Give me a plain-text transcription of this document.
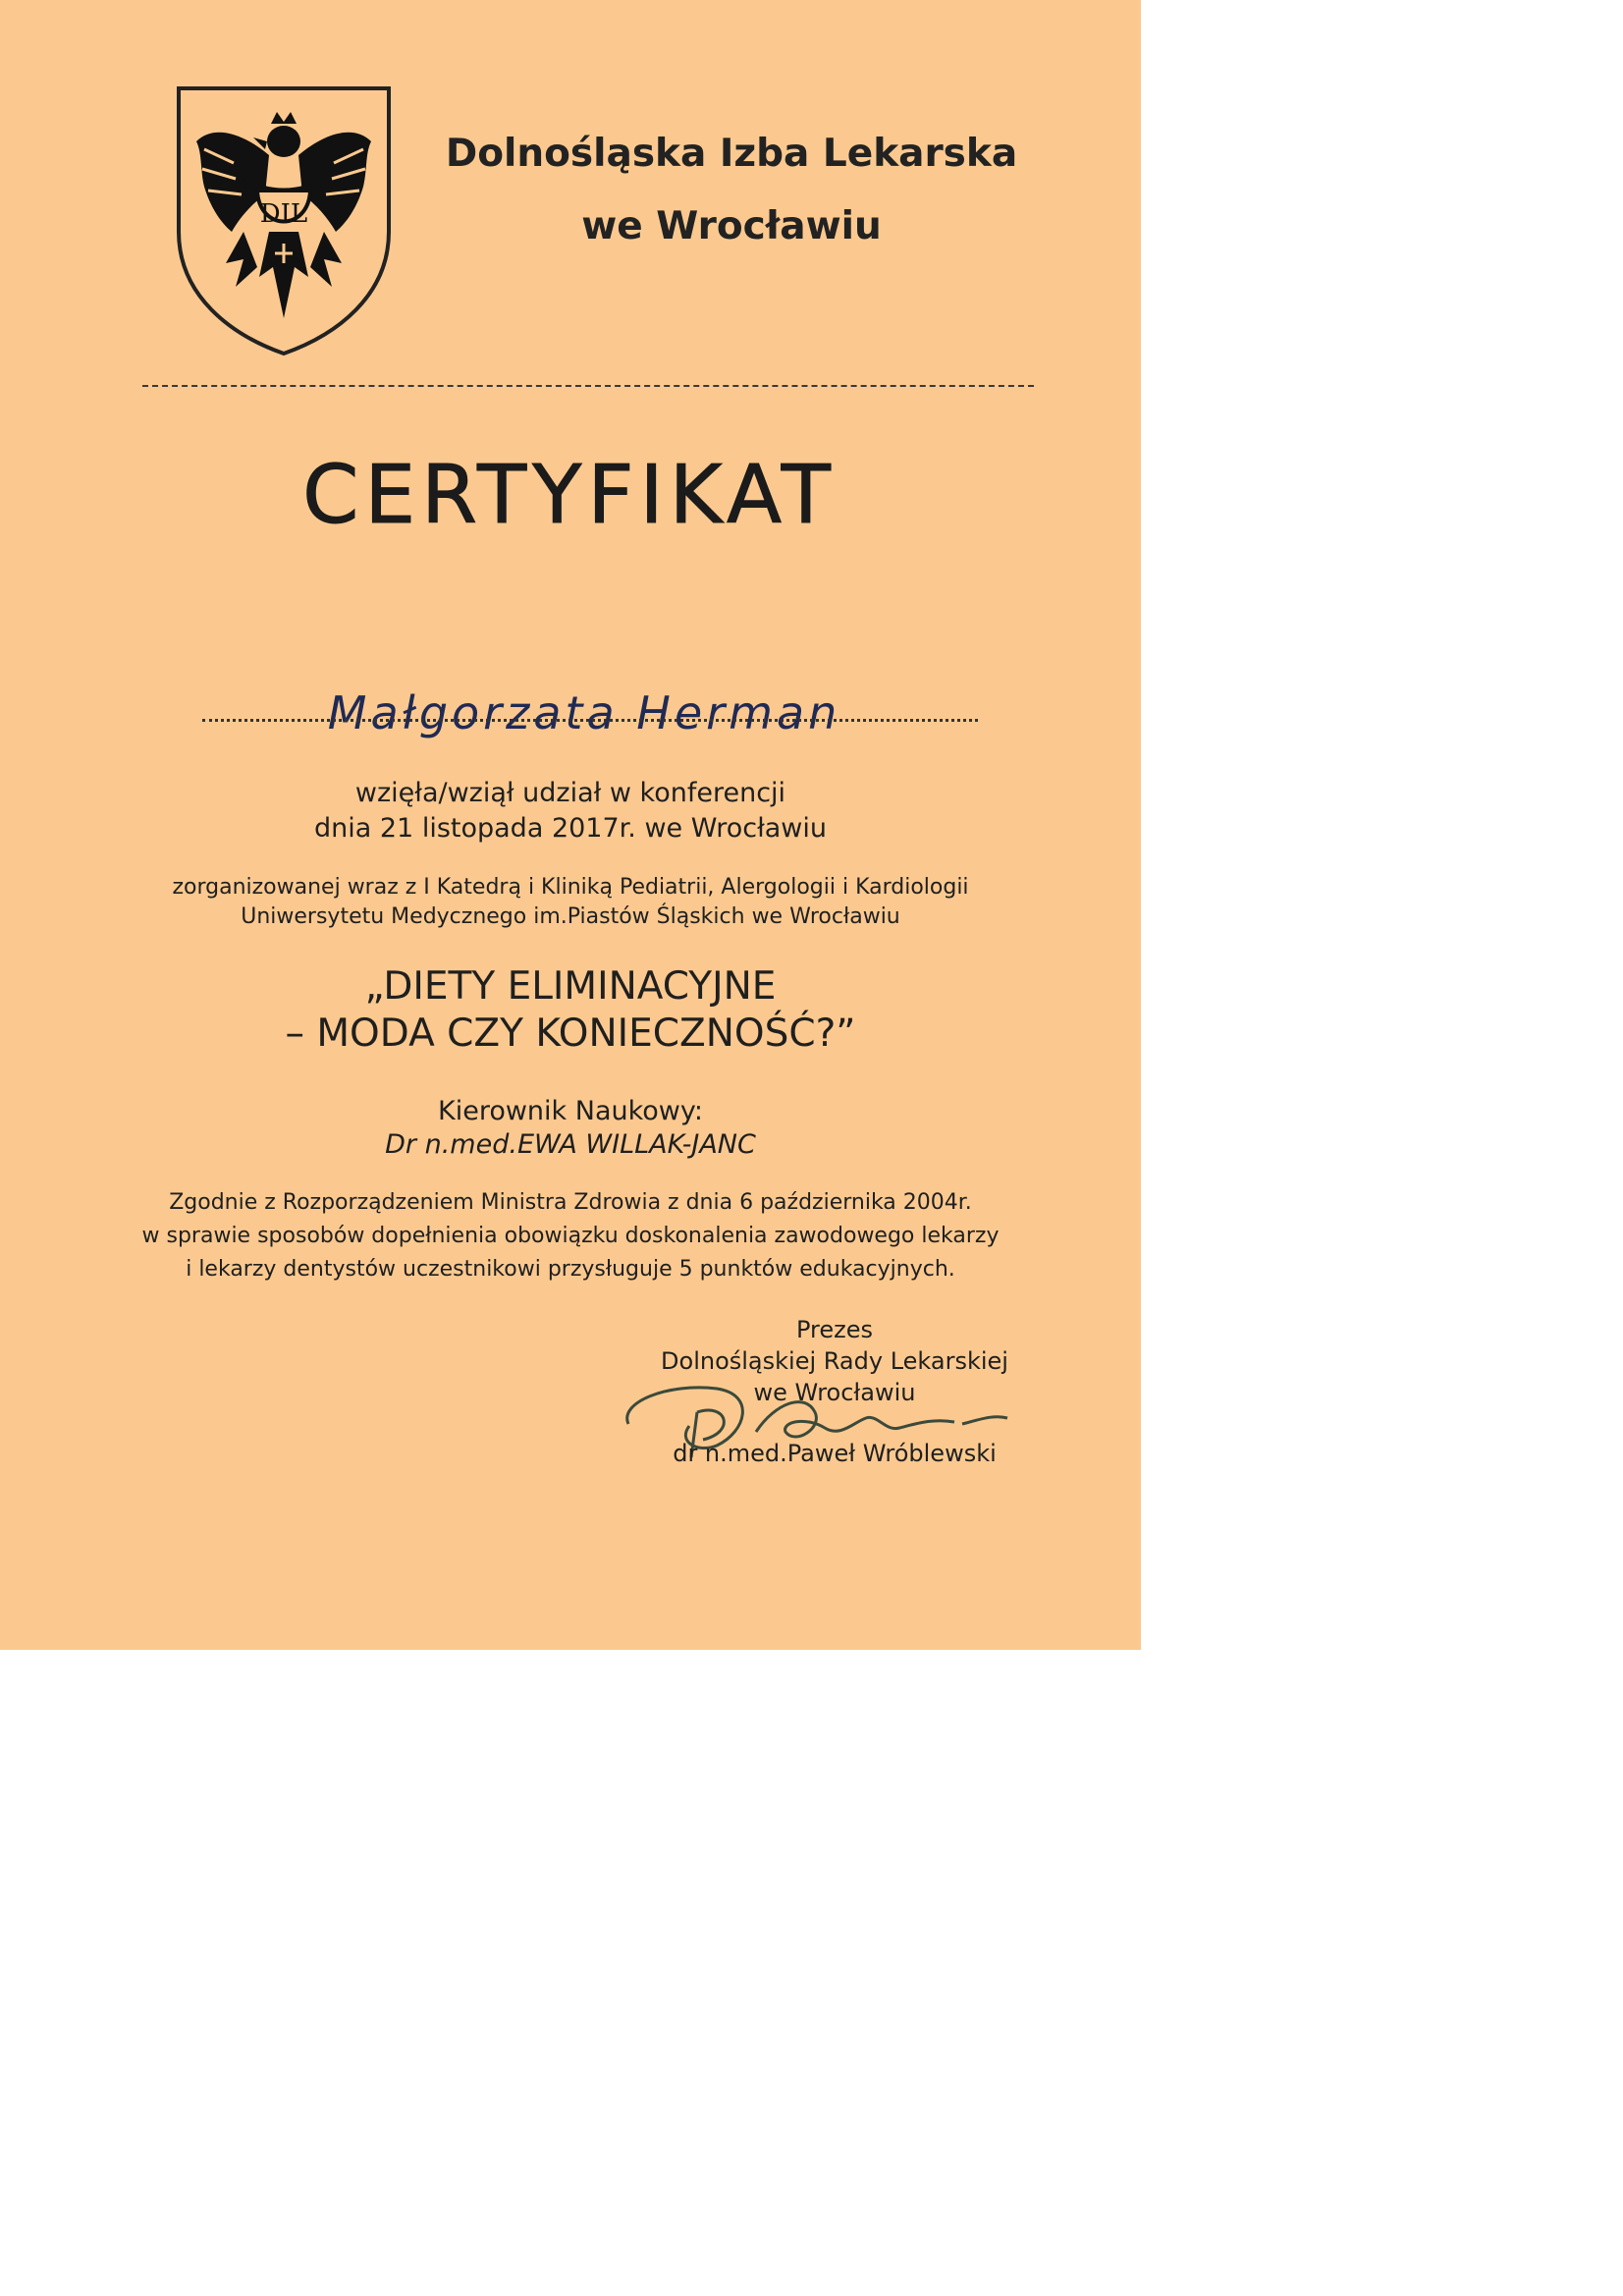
DIL
Dolnośląska Izba Lekarska
we Wrocławiu
CERTYFIKAT
Małgorzata Herman
wzięła/wziął udział w konferencji
dnia 21 listopada 2017r. we Wrocławiu
zorganizowanej wraz z I Katedrą i Kliniką Pediatrii, Alergologii i Kardiologii
Uniwersytetu Medycznego im.Piastów Śląskich we Wrocławiu
„DIETY ELIMINACYJNE
– MODA CZY KONIECZNOŚĆ?”
Kierownik Naukowy:
Dr n.med.EWA WILLAK-JANC
Zgodnie z Rozporządzeniem Ministra Zdrowia z dnia 6 października 2004r.
w sprawie sposobów dopełnienia obowiązku doskonalenia zawodowego lekarzy
i lekarzy dentystów uczestnikowi przysługuje 5 punktów edukacyjnych.
Prezes
Dolnośląskiej Rady Lekarskiej
we Wrocławiu
dr n.med.Paweł Wróblewski
